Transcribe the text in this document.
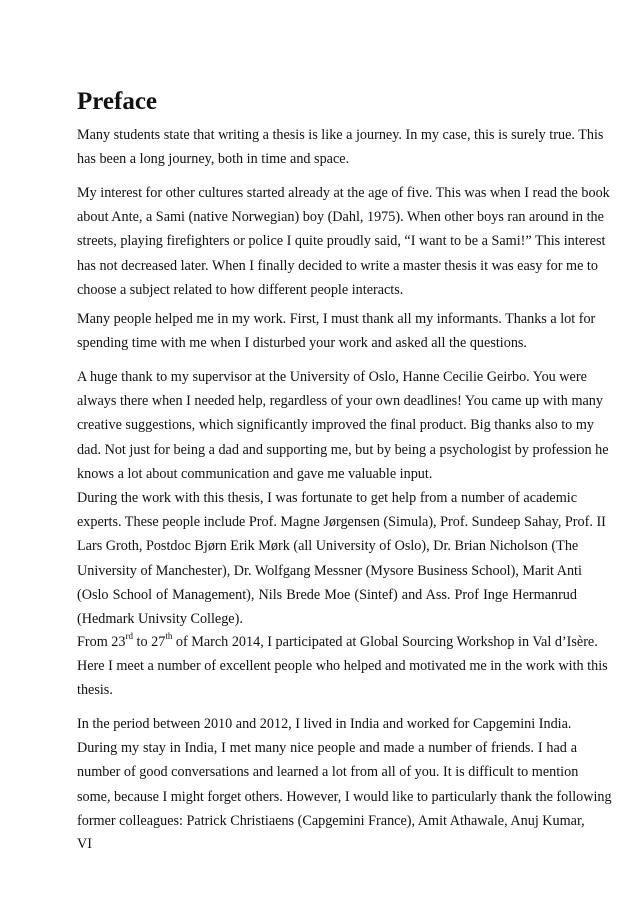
Preface
Many students state that writing a thesis is like a journey. In my case, this is surely true. This
has been a long journey, both in time and space.
My interest for other cultures started already at the age of five. This was when I read the book
about Ante, a Sami (native Norwegian) boy (Dahl, 1975). When other boys ran around in the
streets, playing firefighters or police I quite proudly said, “I want to be a Sami!” This interest
has not decreased later. When I finally decided to write a master thesis it was easy for me to
choose a subject related to how different people interacts.
Many people helped me in my work. First, I must thank all my informants. Thanks a lot for
spending time with me when I disturbed your work and asked all the questions.
A huge thank to my supervisor at the University of Oslo, Hanne Cecilie Geirbo. You were
always there when I needed help, regardless of your own deadlines! You came up with many
creative suggestions, which significantly improved the final product. Big thanks also to my
dad. Not just for being a dad and supporting me, but by being a psychologist by profession he
knows a lot about communication and gave me valuable input.
During the work with this thesis, I was fortunate to get help from a number of academic
experts. These people include Prof. Magne Jørgensen (Simula), Prof. Sundeep Sahay, Prof. II
Lars Groth, Postdoc Bjørn Erik Mørk (all University of Oslo), Dr. Brian Nicholson (The
University of Manchester), Dr. Wolfgang Messner (Mysore Business School), Marit Anti
(Oslo School of Management), Nils Brede Moe (Sintef) and Ass. Prof Inge Hermanrud
(Hedmark Univsity College).
From 23rd to 27th of March 2014, I participated at Global Sourcing Workshop in Val d’Isère.
Here I meet a number of excellent people who helped and motivated me in the work with this
thesis.
In the period between 2010 and 2012, I lived in India and worked for Capgemini India.
During my stay in India, I met many nice people and made a number of friends. I had a
number of good conversations and learned a lot from all of you. It is difficult to mention
some, because I might forget others. However, I would like to particularly thank the following
former colleagues: Patrick Christiaens (Capgemini France), Amit Athawale, Anuj Kumar,
VI
